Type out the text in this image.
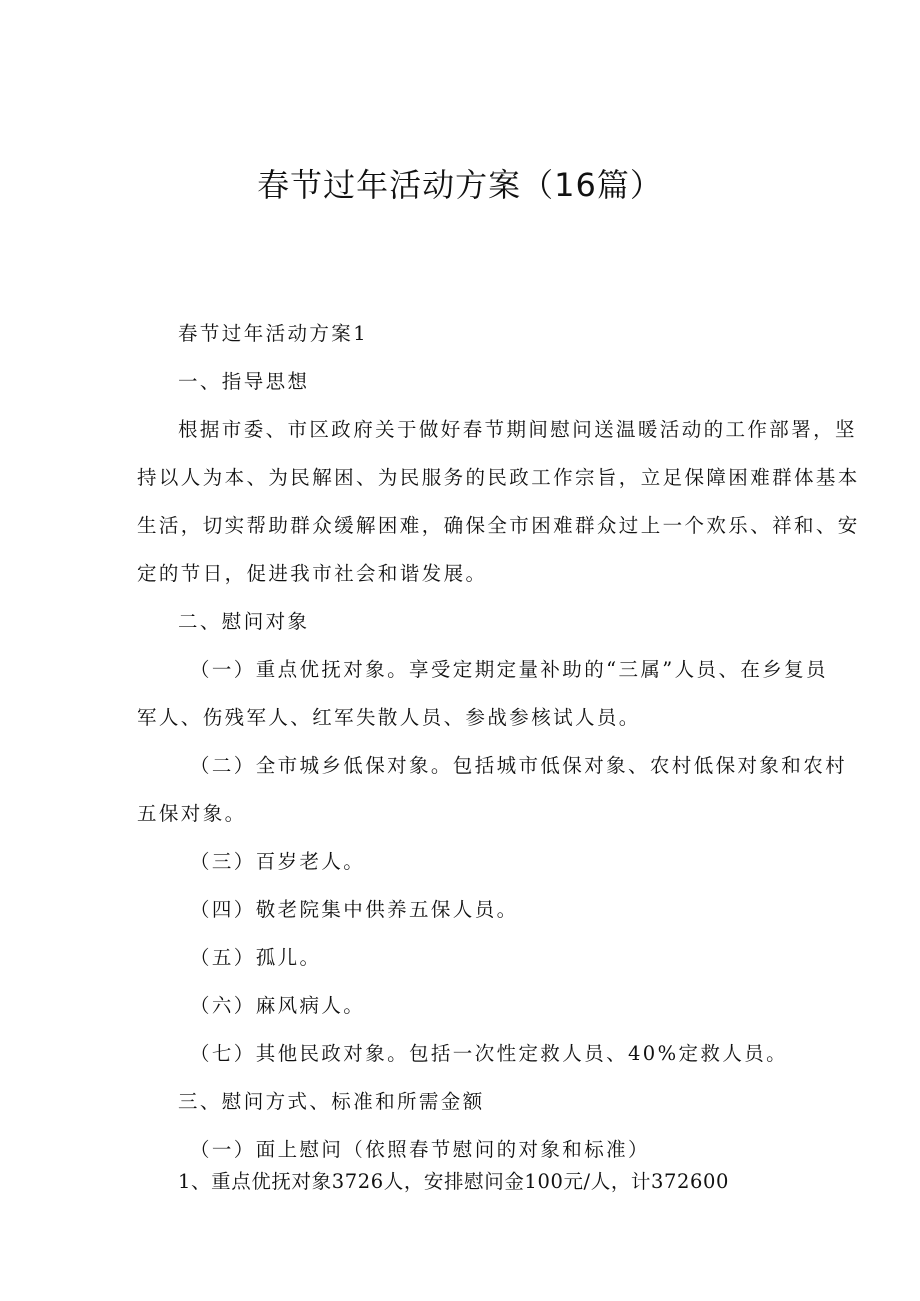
春节过年活动方案（16篇）
春节过年活动方案1
一、指导思想
根据市委、市区政府关于做好春节期间慰问送温暖活动的工作部署，坚
持以人为本、为民解困、为民服务的民政工作宗旨，立足保障困难群体基本
生活，切实帮助群众缓解困难，确保全市困难群众过上一个欢乐、祥和、安
定的节日，促进我市社会和谐发展。
二、慰问对象
（一）重点优抚对象。享受定期定量补助的“三属”人员、在乡复员
军人、伤残军人、红军失散人员、参战参核试人员。
（二）全市城乡低保对象。包括城市低保对象、农村低保对象和农村
五保对象。
（三）百岁老人。
（四）敬老院集中供养五保人员。
（五）孤儿。
（六）麻风病人。
（七）其他民政对象。包括一次性定救人员、40%定救人员。
三、慰问方式、标准和所需金额
（一）面上慰问（依照春节慰问的对象和标准）
1、重点优抚对象3726人，安排慰问金100元/人，计372600
